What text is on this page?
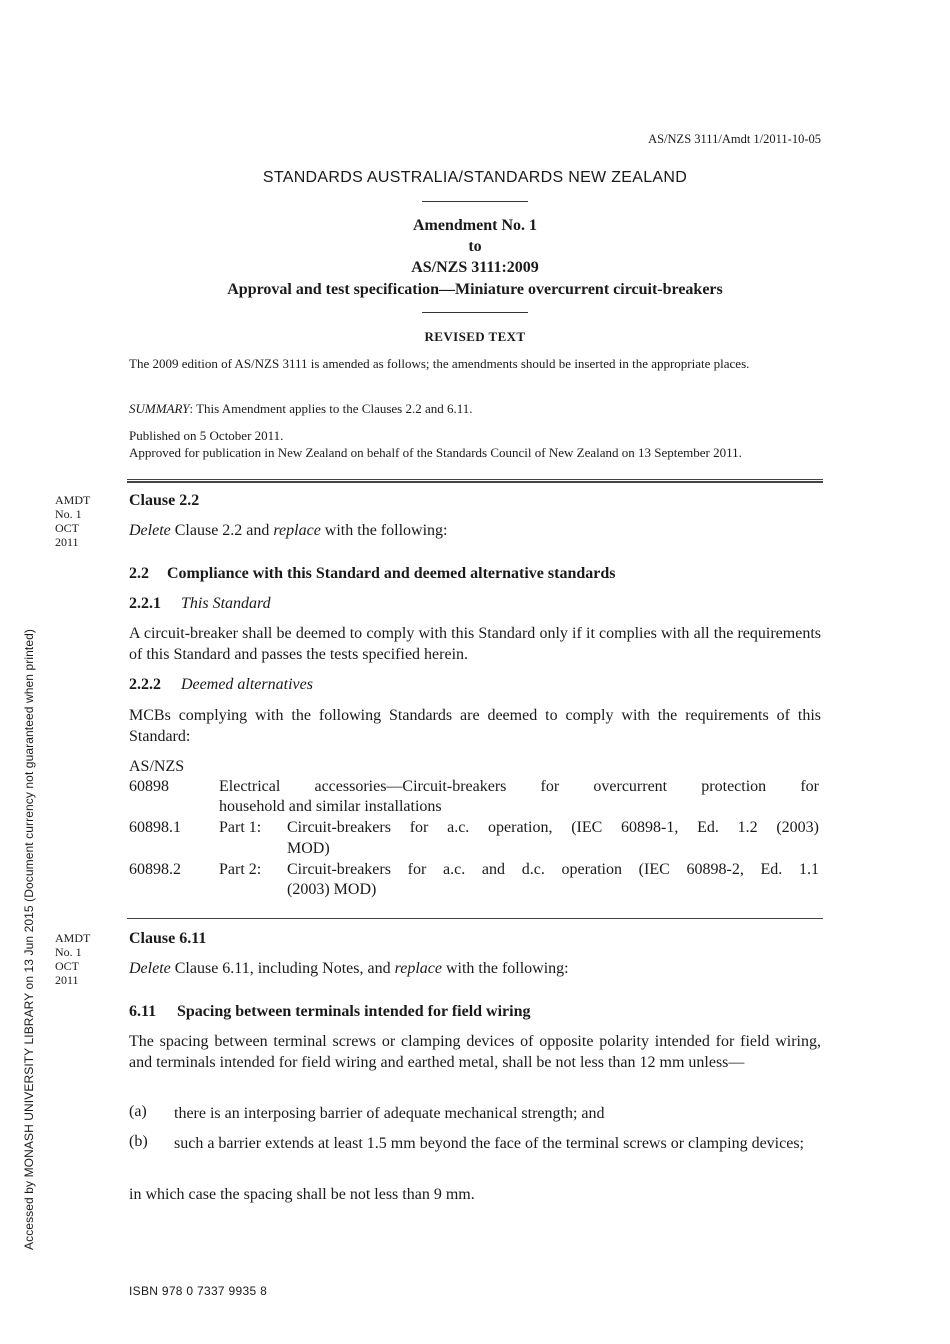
AS/NZS 3111/Amdt 1/2011-10-05
STANDARDS AUSTRALIA/STANDARDS NEW ZEALAND
Amendment No. 1
to
AS/NZS 3111:2009
Approval and test specification—Miniature overcurrent circuit-breakers
REVISED TEXT
The 2009 edition of AS/NZS 3111 is amended as follows; the amendments should be inserted in the appropriate places.
SUMMARY: This Amendment applies to the Clauses 2.2 and 6.11.
Published on 5 October 2011.
Approved for publication in New Zealand on behalf of the Standards Council of New Zealand on 13 September 2011.
AMDT
No. 1
OCT
2011
Clause 2.2
Delete Clause 2.2 and replace with the following:
2.2 Compliance with this Standard and deemed alternative standards
2.2.1 This Standard
A circuit-breaker shall be deemed to comply with this Standard only if it complies with all the requirements of this Standard and passes the tests specified herein.
2.2.2 Deemed alternatives
MCBs complying with the following Standards are deemed to comply with the requirements of this Standard:
AS/NZS
60898	Electrical accessories—Circuit-breakers for overcurrent protection for
household and similar installations
60898.1 Part 1: Circuit-breakers for a.c. operation, (IEC 60898-1, Ed. 1.2 (2003)
MOD)
60898.2 Part 2: Circuit-breakers for a.c. and d.c. operation (IEC 60898-2, Ed. 1.1
(2003) MOD)
AMDT
No. 1
OCT
2011
Clause 6.11
Delete Clause 6.11, including Notes, and replace with the following:
6.11 Spacing between terminals intended for field wiring
The spacing between terminal screws or clamping devices of opposite polarity intended for field wiring, and terminals intended for field wiring and earthed metal, shall be not less than 12 mm unless—
(a) there is an interposing barrier of adequate mechanical strength; and
(b) such a barrier extends at least 1.5 mm beyond the face of the terminal screws or clamping devices;
in which case the spacing shall be not less than 9 mm.
ISBN 978 0 7337 9935 8
Accessed by MONASH UNIVERSITY LIBRARY on 13 Jun 2015 (Document currency not guaranteed when printed)
